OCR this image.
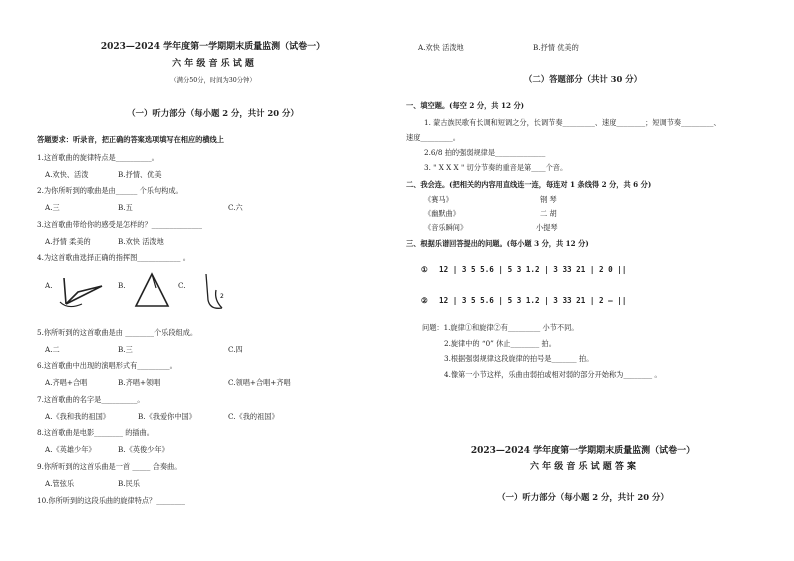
2023—2024 学年度第一学期期末质量监测（试卷一）
六 年 级 音 乐 试 题
（满分50分，时间为30分钟）
（一）听力部分（每小题 2 分，共计 20 分）
答题要求：听录音，把正确的答案选项填写在相应的横线上
1.这首歌曲的旋律特点是__________。
A.欢快、活泼	B.抒情、优美
2.为你所听到的歌曲是由______ 个乐句构成。
A.三	B.五	C.六
3.这首歌曲带给你的感受是怎样的？______________
A.抒情 柔美的	B.欢快 活泼地
4.为这首歌曲选择正确的指挥图____________ 。
A.	B.	C.
2
5.你所听到的这首歌曲是由 ________个乐段组成。
A.二	B.三	C.四
6.这首歌曲中出现的演唱形式有_________。
A.齐唱+合唱	B.齐唱+领唱	C.领唱+合唱+齐唱
7.这首歌曲的名字是__________。
A.《我和我的祖国》	B.《我爱你中国》	C.《我的祖国》
8.这首歌曲是电影________ 的插曲。
A.《英雄少年》	B.《英俊少年》
9.你所听到的这首乐曲是一首 _____ 合奏曲。
A.管弦乐	B.民乐
10.你所听到的这段乐曲的旋律特点？________
A.欢快 活泼地	B.抒情 优美的
（二）答题部分（共计 30 分）
一、填空题。(每空 2 分，共 12 分)
1. 蒙古族民歌有长调和短调之分，长调节奏_________、速度________；短调节奏_________、
速度_________。
2.6/8 拍的强弱规律是______________
3. " X X X " 切分节奏的重音是第____个音。
二、我会连。(把相关的内容用直线连一连，每连对 1 条线得 2 分，共 6 分)
《赛马》
《幽默曲》
《音乐瞬间》
钢 琴
二 胡
小提琴
三、根据乐谱回答提出的问题。(每小题 3 分，共 12 分)
① 12 | 3 5 5.6 | 5 3 1.2 | 3 33 21 | 2 0 ||
② 12 | 3 5 5.6 | 5 3 1.2 | 3 33 21 | 2 — ||
问题：1.旋律①和旋律②有_________ 小节不同。
2.旋律中的 “0” 休止________ 拍。
3.根据强弱规律这段旋律的拍号是_______ 拍。
4.像第一小节这样，乐曲由弱拍或相对弱的部分开始称为________ 。
2023—2024 学年度第一学期期末质量监测（试卷一）
六 年 级 音 乐 试 题 答 案
（一）听力部分（每小题 2 分，共计 20 分）
